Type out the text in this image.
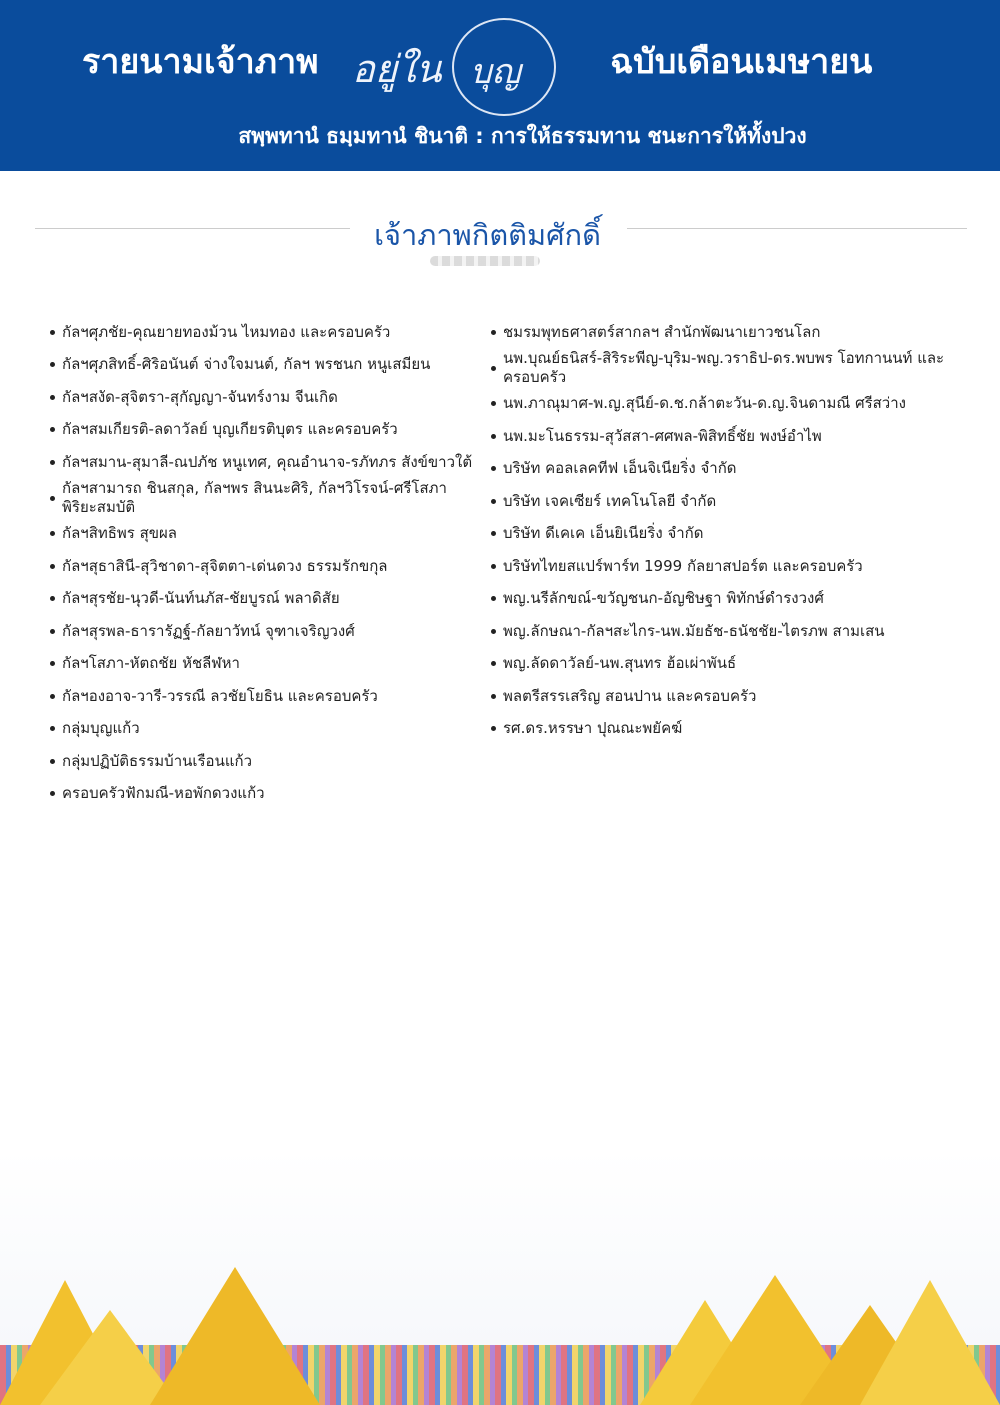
รายนามเจ้าภาพ อยู่ใน บุญ	ฉบับเดือนเมษายน
สพฺพทานํ ธมฺมทานํ ชินาติ : การให้ธรรมทาน ชนะการให้ทั้งปวง
เจ้าภาพกิตติมศักดิ์
กัลฯศุภชัย-คุณยายทองม้วน ไหมทอง และครอบครัว
กัลฯศุภสิทธิ์-ศิริอนันต์ จ่างใจมนต์, กัลฯ พรชนก หนูเสมียน
กัลฯสงัด-สุจิตรา-สุกัญญา-จันทร์งาม จีนเกิด
กัลฯสมเกียรติ-ลดาวัลย์ บุญเกียรติบุตร และครอบครัว
กัลฯสมาน-สุมาลี-ณปภัช หนูเทศ, คุณอำนาจ-รภัทภร สังข์ขาวใต้
กัลฯสามารถ ชินสกุล, กัลฯพร สินนะศิริ, กัลฯวิโรจน์-ศรีโสภา พิริยะสมบัติ
กัลฯสิทธิพร สุขผล
กัลฯสุธาสินี-สุวิชาดา-สุจิตตา-เด่นดวง ธรรมรักขกุล
กัลฯสุรชัย-นุวดี-นันท์นภัส-ชัยบูรณ์ พลาดิสัย
กัลฯสุรพล-ธารารัฏฐ์-กัลยาวัทน์ จุฑาเจริญวงศ์
กัลฯโสภา-หัตถชัย หัชลีฬหา
กัลฯองอาจ-วารี-วรรณี ลวชัยโยธิน และครอบครัว
กลุ่มบุญแก้ว
กลุ่มปฏิบัติธรรมบ้านเรือนแก้ว
ครอบครัวฟักมณี-หอพักดวงแก้ว
ชมรมพุทธศาสตร์สากลฯ สำนักพัฒนาเยาวชนโลก
นพ.บุณย์ธนิสร์-สิริระพีญ-บุริม-พญ.วราธิป-ดร.พบพร โอทกานนท์ และครอบครัว
นพ.ภาณุมาศ-พ.ญ.สุนีย์-ด.ช.กล้าตะวัน-ด.ญ.จินดามณี ศรีสว่าง
นพ.มะโนธรรม-สุวัสสา-ศศพล-พิสิทธิ์ชัย พงษ์อำไพ
บริษัท คอลเลคทีฟ เอ็นจิเนียริ่ง จำกัด
บริษัท เจคเซียร์ เทคโนโลยี จำกัด
บริษัท ดีเคเค เอ็นยิเนียริ่ง จำกัด
บริษัทไทยสแปร์พาร์ท 1999 กัลยาสปอร์ต และครอบครัว
พญ.นรีลักขณ์-ขวัญชนก-อัญชิษฐา พิทักษ์ดำรงวงศ์
พญ.ลักษณา-กัลฯสะไกร-นพ.มัยธัช-ธนัชชัย-ไตรภพ สามเสน
พญ.ลัดดาวัลย์-นพ.สุนทร ฮ้อเผ่าพันธ์
พลตรีสรรเสริญ สอนปาน และครอบครัว
รศ.ดร.หรรษา ปุณณะพยัคฆ์
